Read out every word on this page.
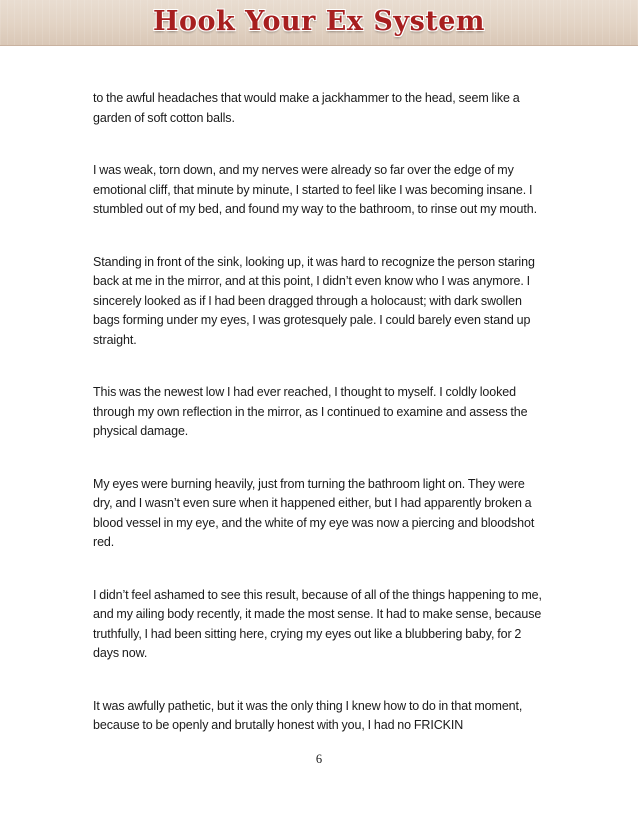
Hook Your Ex System

to the awful headaches that would make a jackhammer to the head, seem like a garden of soft cotton balls.

I was weak, torn down, and my nerves were already so far over the edge of my emotional cliff, that minute by minute, I started to feel like I was becoming insane. I stumbled out of my bed, and found my way to the bathroom, to rinse out my mouth.

Standing in front of the sink, looking up, it was hard to recognize the person staring back at me in the mirror, and at this point, I didn’t even know who I was anymore. I sincerely looked as if I had been dragged through a holocaust; with dark swollen bags forming under my eyes, I was grotesquely pale. I could barely even stand up straight.

This was the newest low I had ever reached, I thought to myself. I coldly looked through my own reflection in the mirror, as I continued to examine and assess the physical damage.

My eyes were burning heavily, just from turning the bathroom light on. They were dry, and I wasn’t even sure when it happened either, but I had apparently broken a blood vessel in my eye, and the white of my eye was now a piercing and bloodshot red.

I didn’t feel ashamed to see this result, because of all of the things happening to me, and my ailing body recently, it made the most sense. It had to make sense, because truthfully, I had been sitting here, crying my eyes out like a blubbering baby, for 2 days now.

It was awfully pathetic, but it was the only thing I knew how to do in that moment, because to be openly and brutally honest with you, I had no FRICKIN

6
